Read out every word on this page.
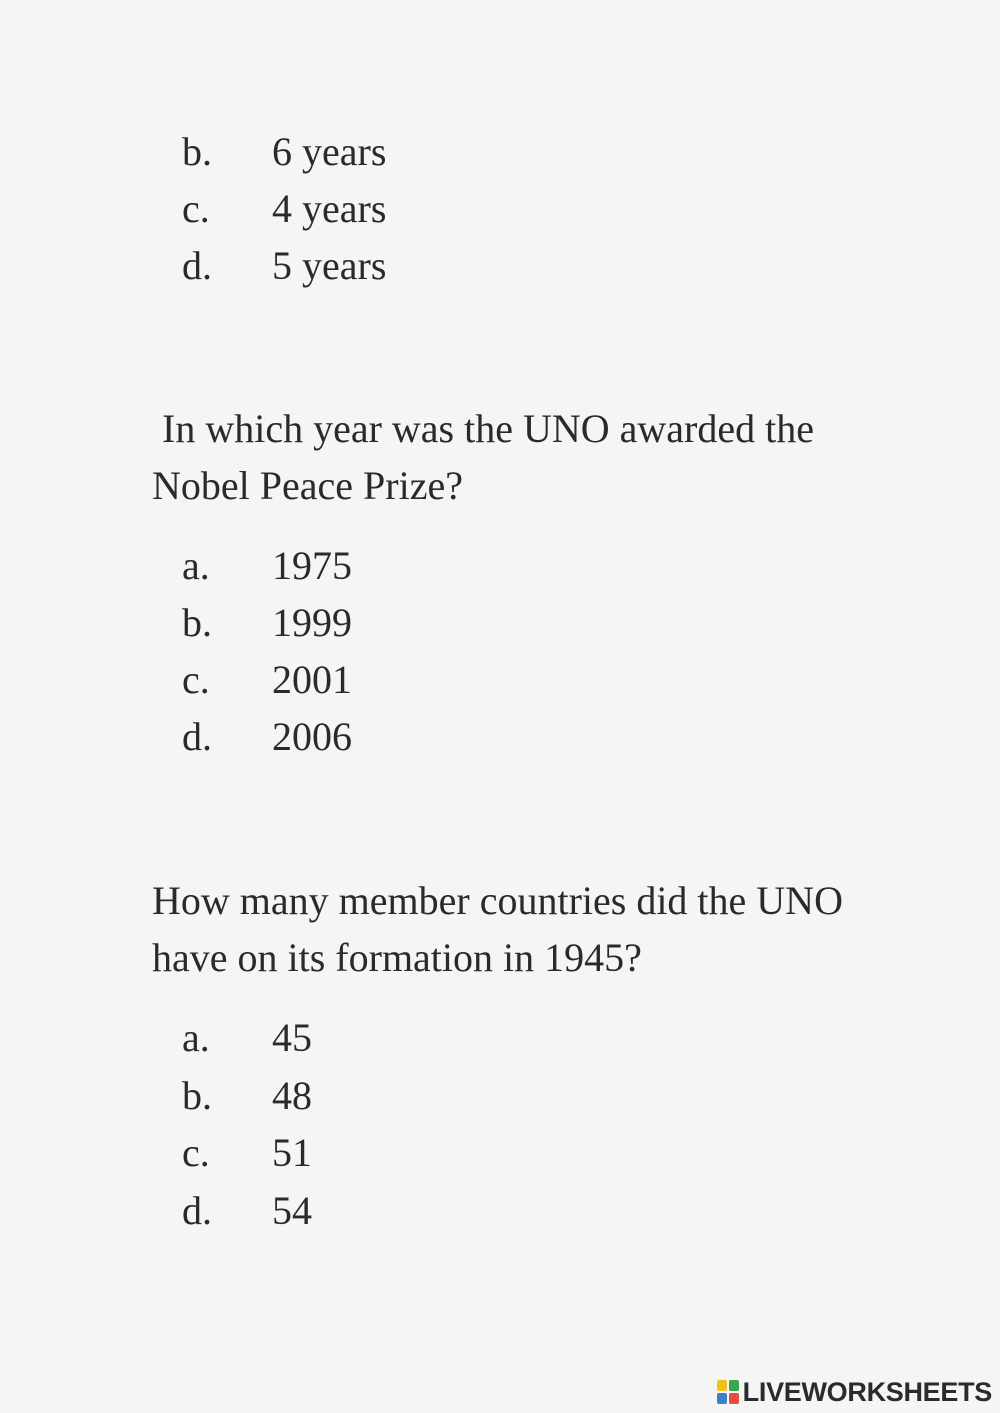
b. 6 years
c. 4 years
d. 5 years
In which year was the UNO awarded the Nobel Peace Prize?
a. 1975
b. 1999
c. 2001
d. 2006
How many member countries did the UNO have on its formation in 1945?
a. 45
b. 48
c. 51
d. 54
LIVEWORKSHEETS
